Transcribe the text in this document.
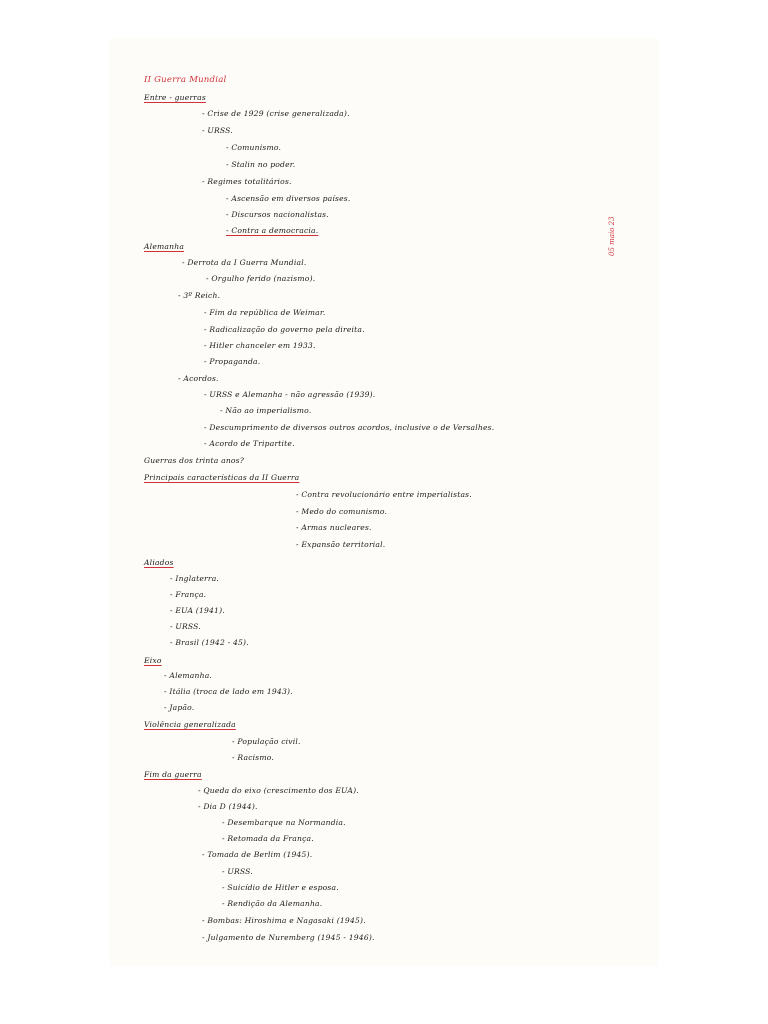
II Guerra Mundial
Entre - guerras
- Crise de 1929 (crise generalizada).
- URSS.
- Comunismo.
- Stalin no poder.
- Regimes totalitários.
- Ascensão em diversos países.
- Discursos nacionalistas.
- Contra a democracia.
Alemanha
- Derrota da I Guerra Mundial.
- Orgulho ferido (nazismo).
- 3º Reich.
- Fim da república de Weimar.
- Radicalização do governo pela direita.
- Hitler chanceler em 1933.
- Propaganda.
- Acordos.
- URSS e Alemanha - não agressão (1939).
- Não ao imperialismo.
- Descumprimento de diversos outros acordos, inclusive o de Versalhes.
- Acordo de Tripartite.
Guerras dos trinta anos?
Principais características da II Guerra
- Contra revolucionário entre imperialistas.
- Medo do comunismo.
- Armas nucleares.
- Expansão territorial.
Aliados
- Inglaterra.
- França.
- EUA (1941).
- URSS.
- Brasil (1942 - 45).
Eixo
- Alemanha.
- Itália (troca de lado em 1943).
- Japão.
Violência generalizada
- População civil.
- Racismo.
Fim da guerra
- Queda do eixo (crescimento dos EUA).
- Dia D (1944).
- Desembarque na Normandia.
- Retomada da França.
- Tomada de Berlim (1945).
- URSS.
- Suicídio de Hitler e esposa.
- Rendição da Alemanha.
- Bombas: Hiroshima e Nagasaki (1945).
- Julgamento de Nuremberg (1945 - 1946).
05 maio 23
